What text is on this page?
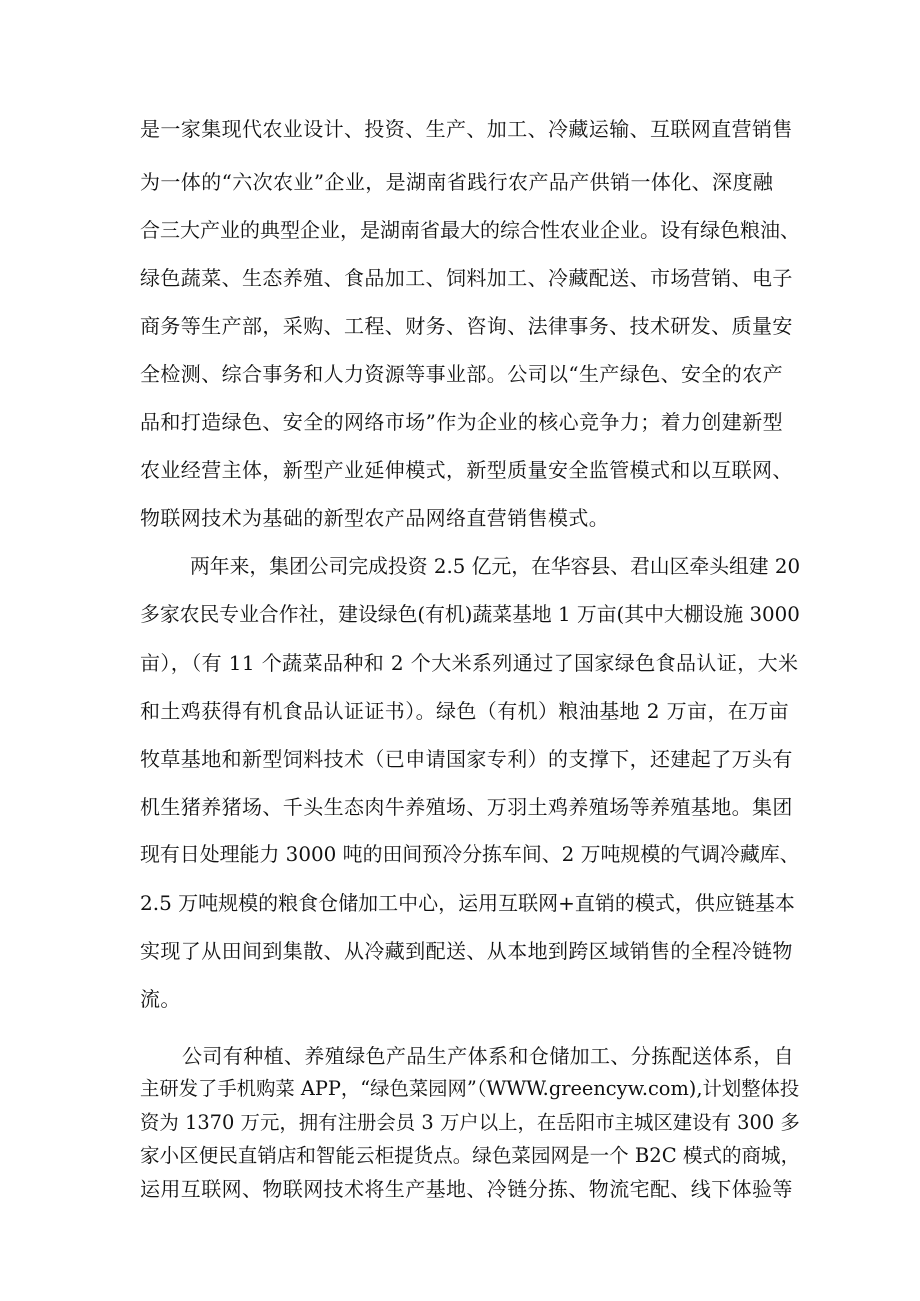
是一家集现代农业设计、投资、生产、加工、冷藏运输、互联网直营销售
为一体的“六次农业”企业，是湖南省践行农产品产供销一体化、深度融
合三大产业的典型企业，是湖南省最大的综合性农业企业。设有绿色粮油、
绿色蔬菜、生态养殖、食品加工、饲料加工、冷藏配送、市场营销、电子
商务等生产部，采购、工程、财务、咨询、法律事务、技术研发、质量安
全检测、综合事务和人力资源等事业部。公司以“生产绿色、安全的农产
品和打造绿色、安全的网络市场”作为企业的核心竞争力；着力创建新型
农业经营主体，新型产业延伸模式，新型质量安全监管模式和以互联网、
物联网技术为基础的新型农产品网络直营销售模式。
两年来，集团公司完成投资 2.5 亿元，在华容县、君山区牵头组建 20
多家农民专业合作社，建设绿色(有机)蔬菜基地 1 万亩(其中大棚设施 3000
亩），（有 11 个蔬菜品种和 2 个大米系列通过了国家绿色食品认证，大米
和土鸡获得有机食品认证证书）。绿色（有机）粮油基地 2 万亩，在万亩
牧草基地和新型饲料技术（已申请国家专利）的支撑下，还建起了万头有
机生猪养猪场、千头生态肉牛养殖场、万羽土鸡养殖场等养殖基地。集团
现有日处理能力 3000 吨的田间预冷分拣车间、2 万吨规模的气调冷藏库、
2.5 万吨规模的粮食仓储加工中心，运用互联网+直销的模式，供应链基本
实现了从田间到集散、从冷藏到配送、从本地到跨区域销售的全程冷链物
流。
公司有种植、养殖绿色产品生产体系和仓储加工、分拣配送体系，自
主研发了手机购菜 APP，“绿色菜园网”（WWW.greencyw.com),计划整体投
资为 1370 万元，拥有注册会员 3 万户以上，在岳阳市主城区建设有 300 多
家小区便民直销店和智能云柜提货点。绿色菜园网是一个 B2C 模式的商城，
运用互联网、物联网技术将生产基地、冷链分拣、物流宅配、线下体验等
